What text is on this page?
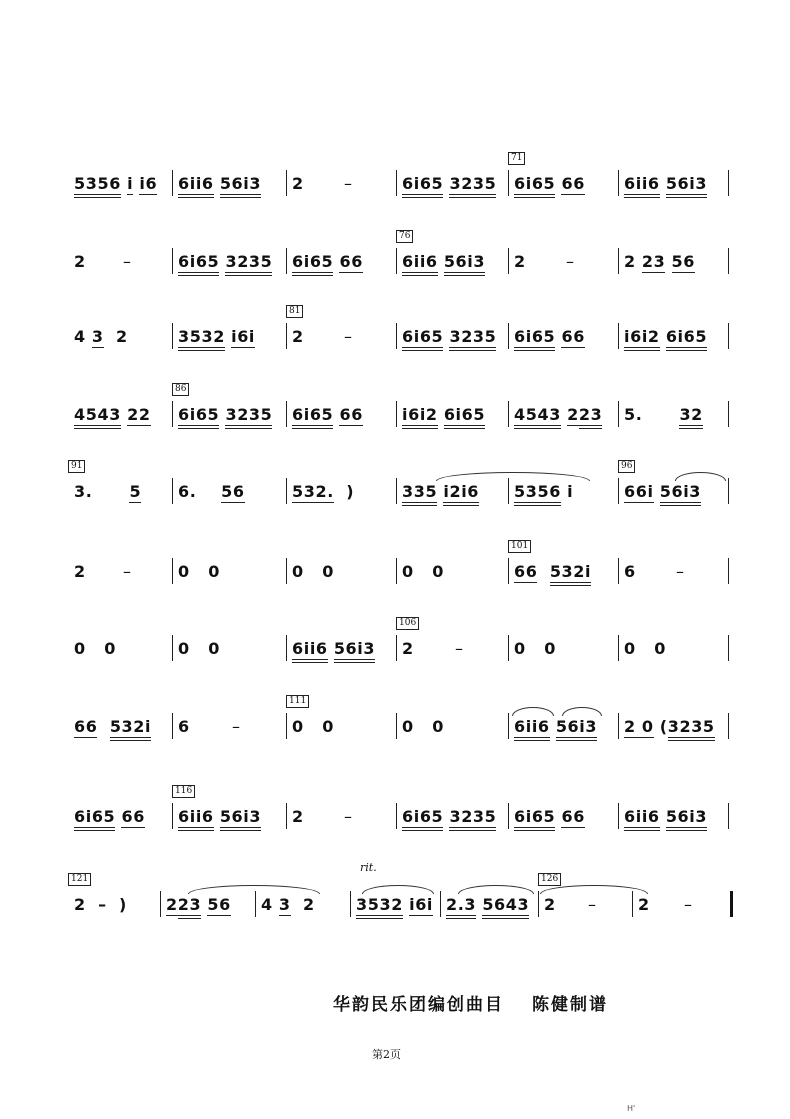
5356 i i6 6ii6 56i3 2	–	6i65 3235 6i65 66
71
6ii6 56i3
2 –	6i65 3235 6i65 66 6ii6 56i3
76
2	–	2 23 56
4 3 2	3532 i6i 2	–
81
6i65 3235 6i65 66 i6i2 6i65
4543 22 6i65 3235
86
6i65 66 i6i2 6i65 4543 223 5. 32
3. 5
91
6. 56	532.  )	335 i2i6 5356 i	66i 56i3
96
2 –	0 0	0 0	0 0	66 532i
101
6	–
0 0	0 0	6ii6 56i3 2	–
106
0 0	0 0
66 532i 6	–	0 0
111
0 0	6ii6 56i3 2 0 (3235
6i65 66 6ii6 56i3
116
2	–	6i65 3235 6i65 66 6ii6 56i3
2  –  )
121
223 56 4 3 2	3532 i6i
rit.
2.3 5643 2 –
126
2 –
华韵民乐团编创曲目 陈健制谱
第2页
H'
